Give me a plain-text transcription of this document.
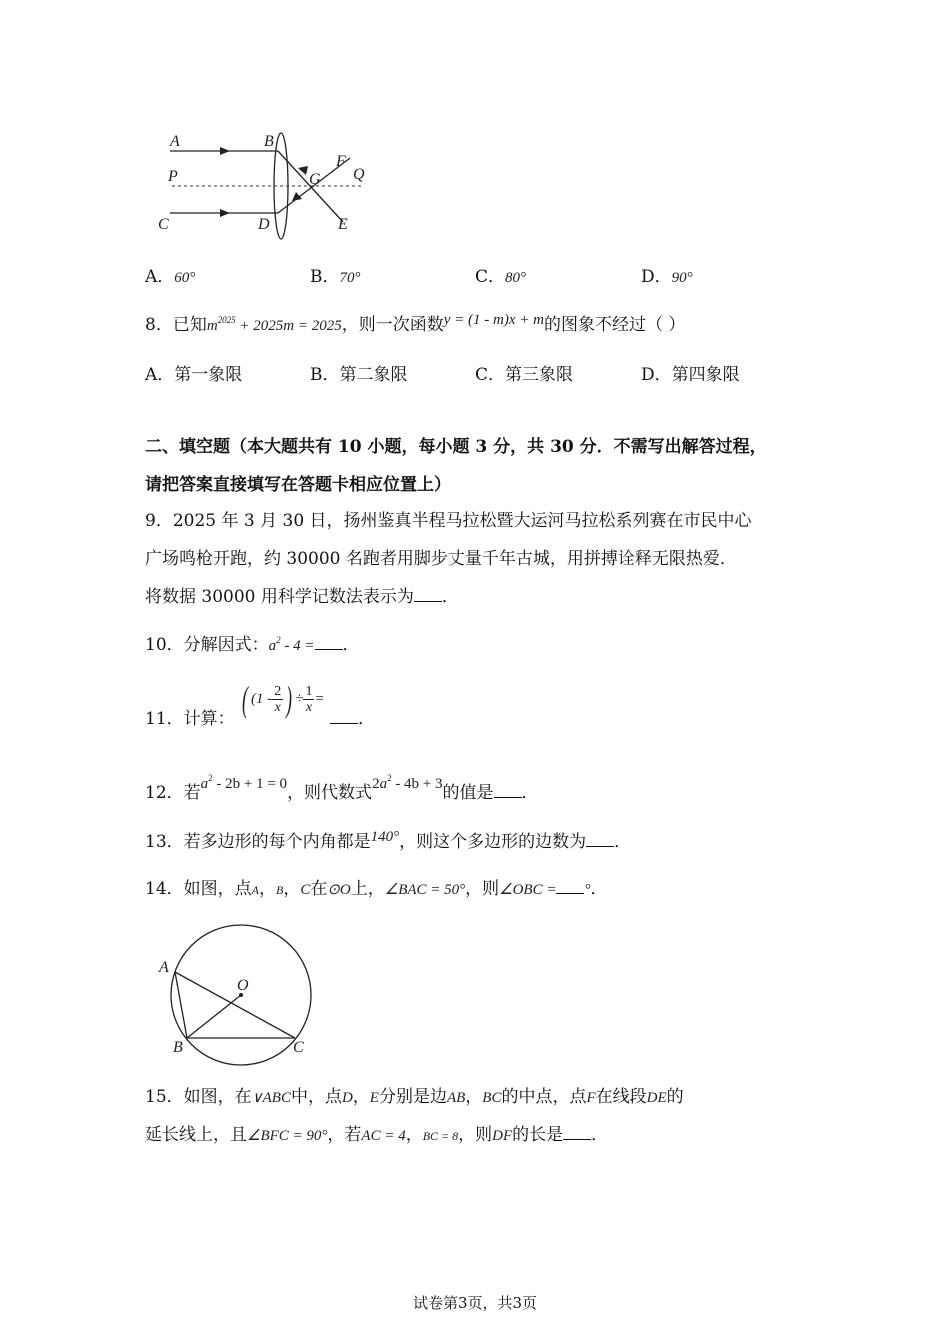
A	B
P	G
F
Q
C	D	E
A．60°	B．70°	C．80°	D．90°
8．已知$m^{2025} + 2025m = 2025$，则一次函数y = (1 - m)x + m的图象不经过（ ）
A．第一象限	B．第二象限	C．第三象限	D．第四象限
二、填空题（本大题共有 10 小题，每小题 3 分，共 30 分．不需写出解答过程，
请把答案直接填写在答题卡相应位置上）
9．2025 年 3 月 30 日，扬州鉴真半程马拉松暨大运河马拉松系列赛在市民中心
广场鸣枪开跑，约 30000 名跑者用脚步丈量千年古城，用拼搏诠释无限热爱．
将数据 30000 用科学记数法表示为 ．
10．分解因式：$a^2 - 4$ = ．
11．计算： ( ($1 - \frac{2}{x}$ ) ÷ $\frac{1}{x}$ =
．
12．若$a^2 - 2b + 1 = 0$，则代数式$2a^2 - 4b + 3$的值是 ．
13．若多边形的每个内角都是140°，则这个多边形的边数为 ．
14．如图，点A，B，C在⊙O上，∠BAC = 50°，则∠OBC = °．
A
O
B	C
15．如图，在∨ABC中，点D，E分别是边AB，BC的中点，点F在线段DE的
延长线上，且∠BFC = 90°，若AC = 4，BC = 8，则DF的长是 ．
试卷第3页，共3页
